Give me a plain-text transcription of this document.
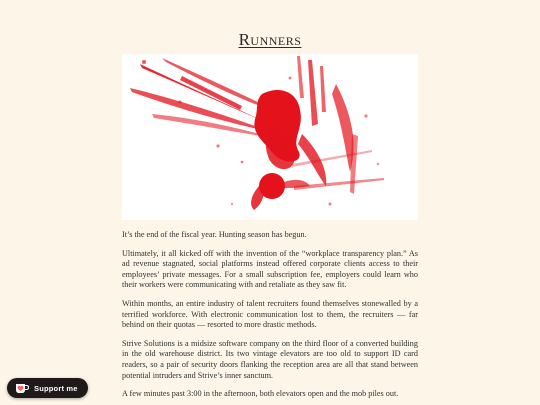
Runners

It’s the end of the fiscal year. Hunting season has begun.

Ultimately, it all kicked off with the invention of the “workplace transparency plan.” As ad revenue stagnated, social platforms instead offered corporate clients access to their employees’ private messages. For a small subscription fee, employers could learn who their workers were communicating with and retaliate as they saw fit.

Within months, an entire industry of talent recruiters found themselves stonewalled by a terrified workforce. With electronic communication lost to them, the recruiters — far behind on their quotas — resorted to more drastic methods.

Strive Solutions is a midsize software company on the third floor of a converted building in the old warehouse district. Its two vintage elevators are too old to support ID card readers, so a pair of security doors flanking the reception area are all that stand between potential intruders and Strive’s inner sanctum.

A few minutes past 3:00 in the afternoon, both elevators open and the mob piles out.

Support me
